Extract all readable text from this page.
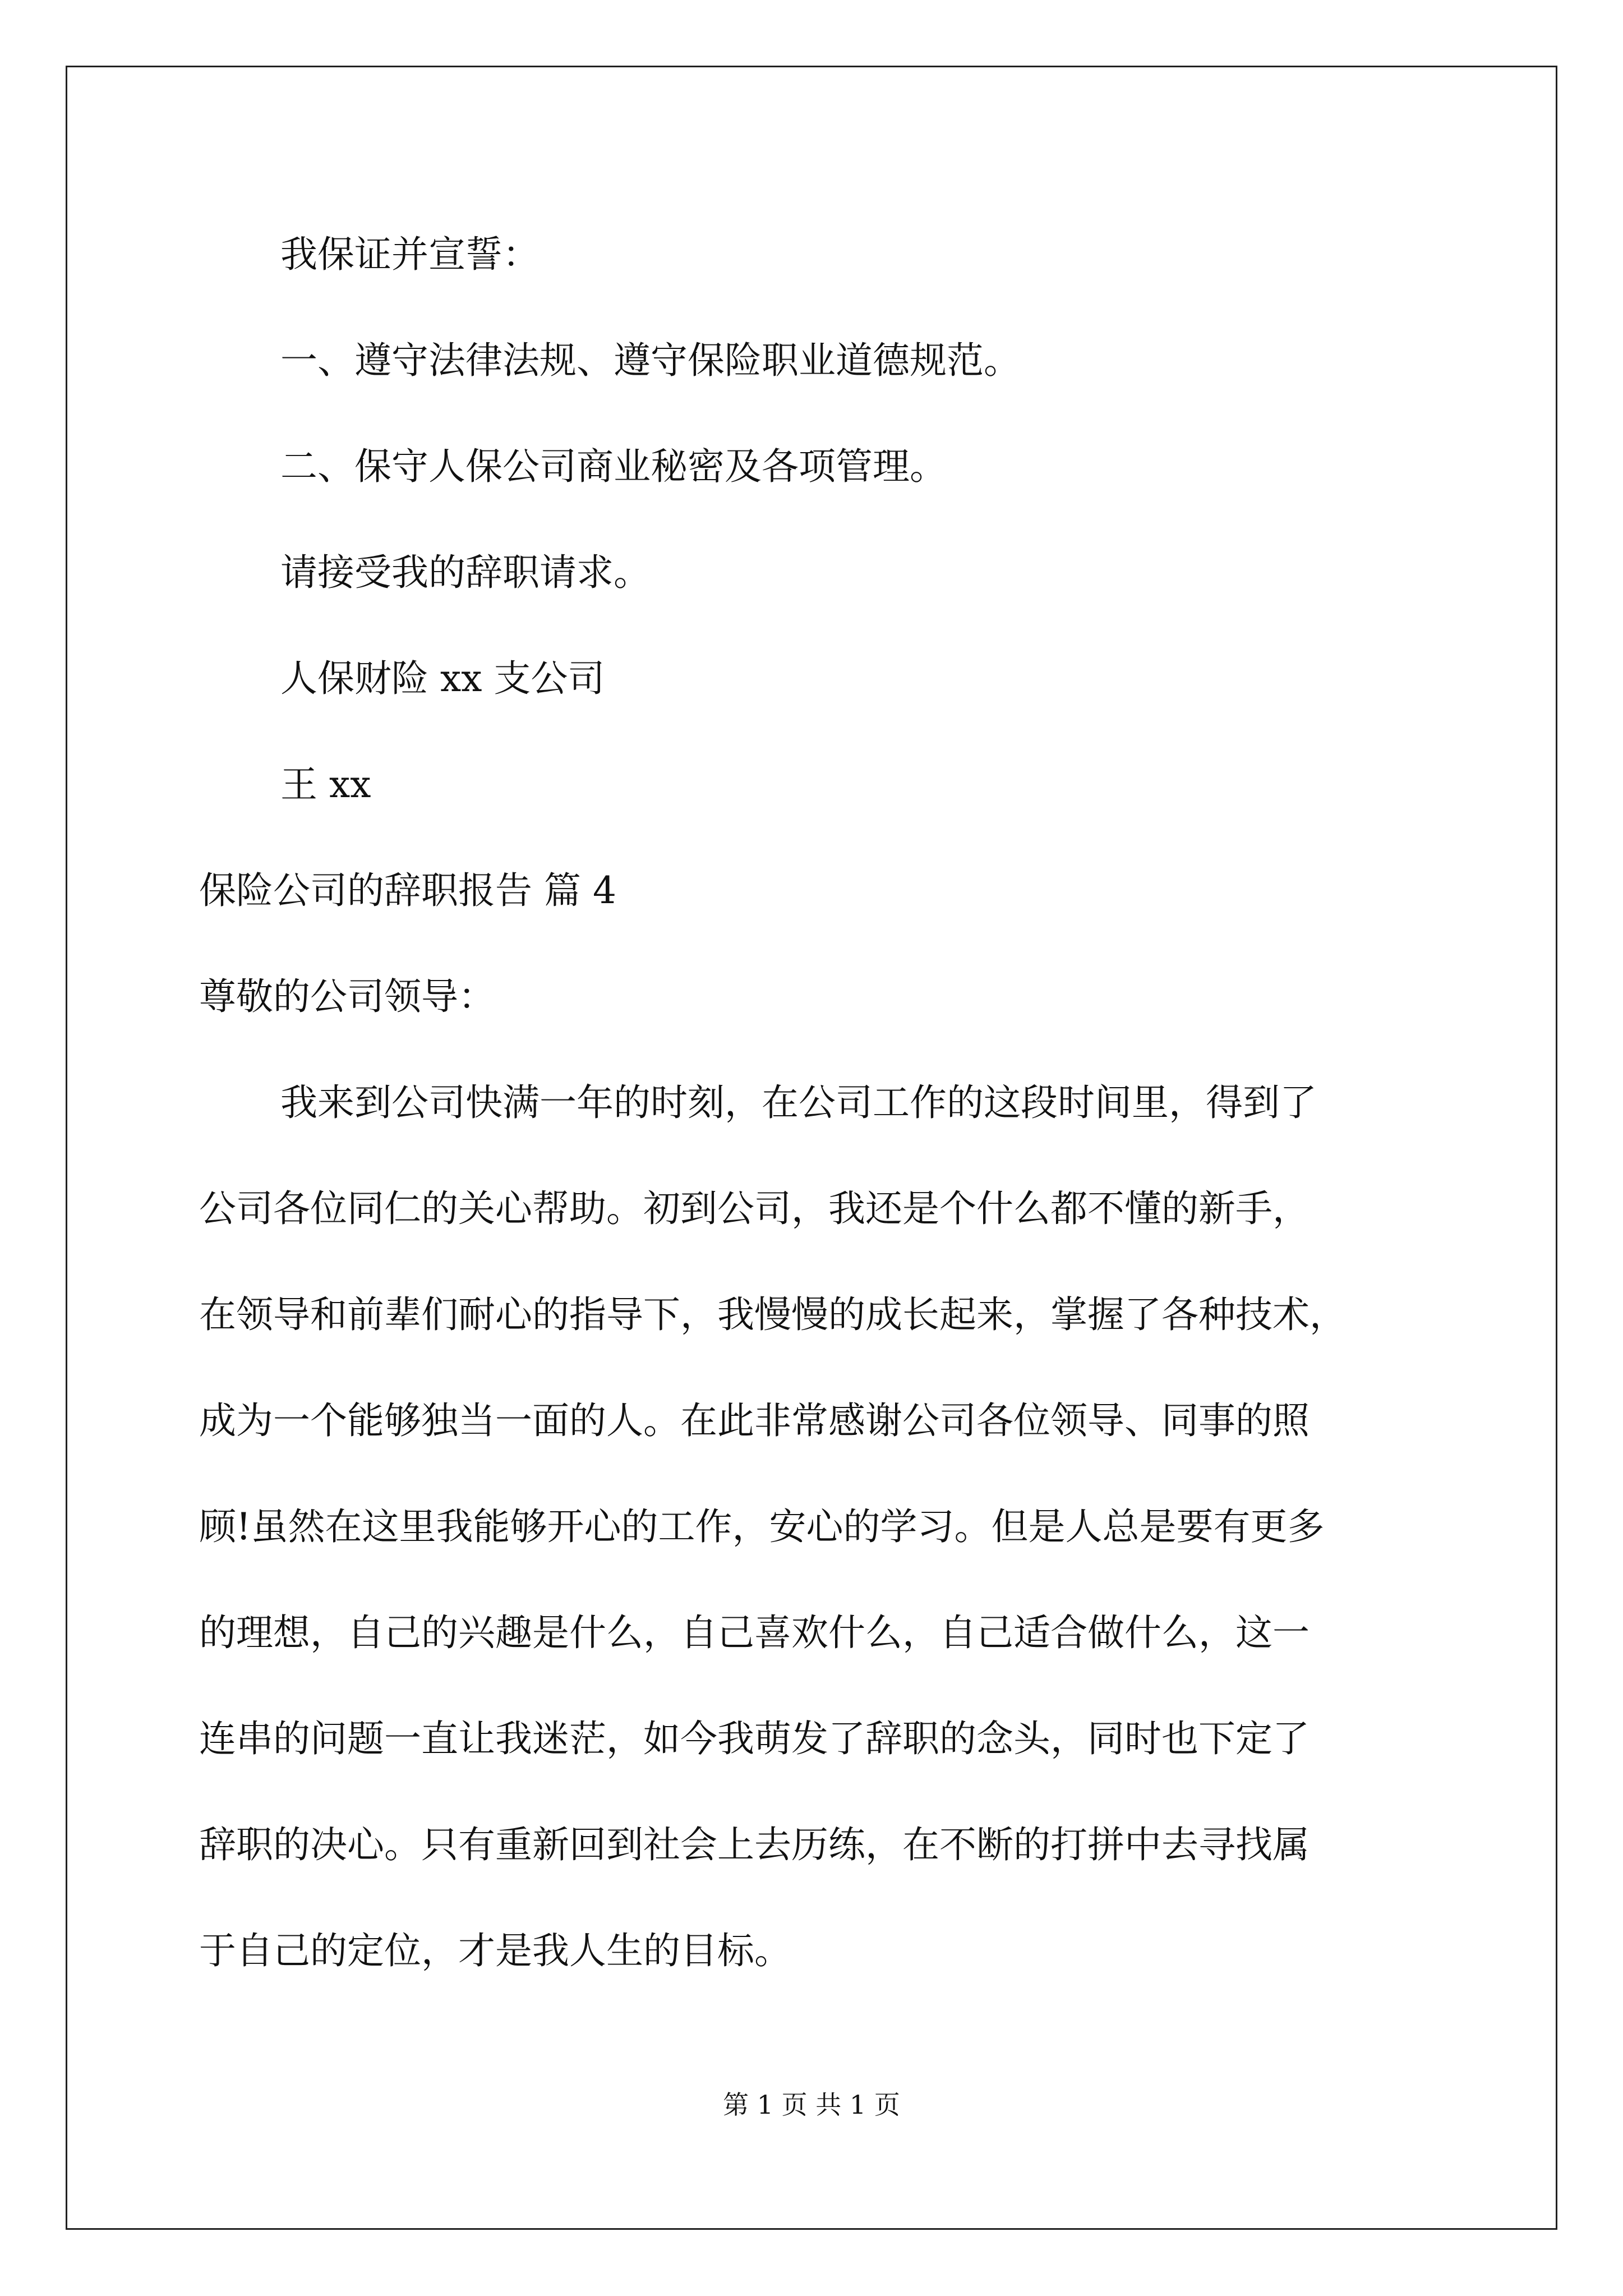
我保证并宣誓：
一、遵守法律法规、遵守保险职业道德规范。
二、保守人保公司商业秘密及各项管理。
请接受我的辞职请求。
人保财险 xx 支公司
王 xx
保险公司的辞职报告 篇 4
尊敬的公司领导：
我来到公司快满一年的时刻，在公司工作的这段时间里，得到了
公司各位同仁的关心帮助。初到公司，我还是个什么都不懂的新手，
在领导和前辈们耐心的指导下，我慢慢的成长起来，掌握了各种技术，
成为一个能够独当一面的人。在此非常感谢公司各位领导、同事的照
顾!虽然在这里我能够开心的工作，安心的学习。但是人总是要有更多
的理想，自己的兴趣是什么，自己喜欢什么，自己适合做什么，这一
连串的问题一直让我迷茫，如今我萌发了辞职的念头，同时也下定了
辞职的决心。只有重新回到社会上去历练，在不断的打拼中去寻找属
于自己的定位，才是我人生的目标。
第 1 页 共 1 页
